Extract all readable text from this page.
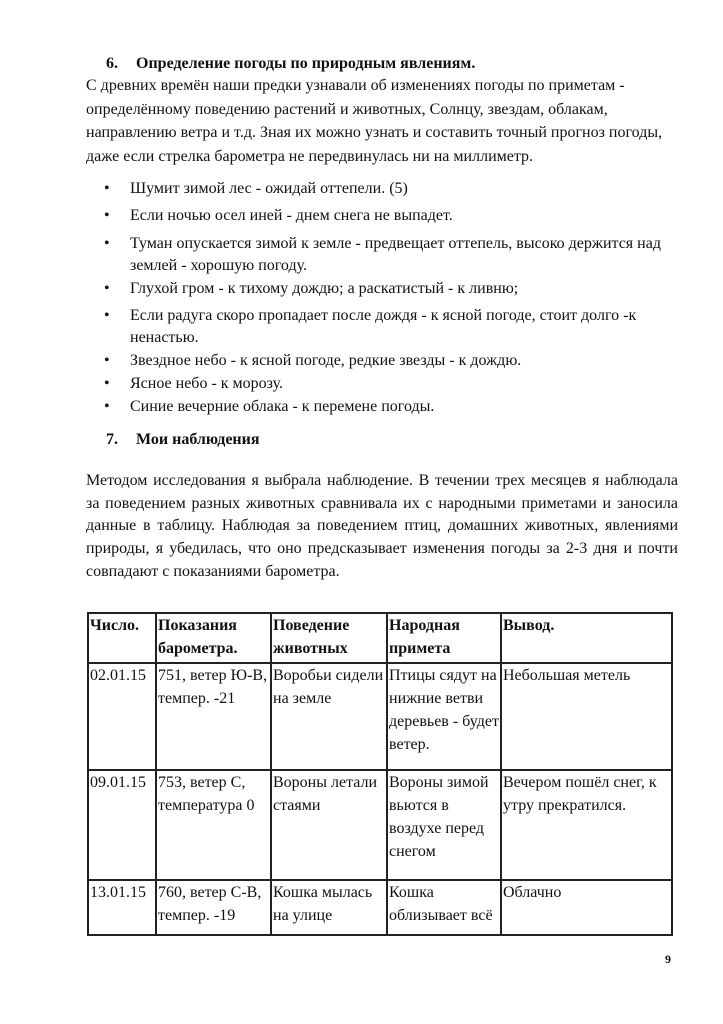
6. Определение погоды по природным явлениям.
С древних времён наши предки узнавали об изменениях погоды по приметам - определённому поведению растений и животных, Солнцу, звездам, облакам, направлению ветра и т.д. Зная их можно узнать и составить точный прогноз погоды, даже если стрелка барометра не передвинулась ни на миллиметр.
• Шумит зимой лес - ожидай оттепели. (5)
• Если ночью осел иней - днем снега не выпадет.
• Туман опускается зимой к земле - предвещает оттепель, высоко держится над землей - хорошую погоду.
• Глухой гром - к тихому дождю; а раскатистый - к ливню;
• Если радуга скоро пропадает после дождя - к ясной погоде, стоит долго -к ненастью.
• Звездное небо - к ясной погоде, редкие звезды - к дождю.
• Ясное небо - к морозу.
• Синие вечерние облака - к перемене погоды.
7. Мои наблюдения
Методом исследования я выбрала наблюдение. В течении трех месяцев я наблюдала за поведением разных животных сравнивала их с народными приметами и заносила данные в таблицу. Наблюдая за поведением птиц, домашних животных, явлениями природы, я убедилась, что оно предсказывает изменения погоды за 2-3 дня и почти совпадают с показаниями барометра.
Число.	Показания барометра.	Поведение животных	Народная примета	Вывод.
02.01.15	751, ветер Ю-В, темпер. -21	Воробьи сидели на земле	Птицы сядут на нижние ветви деревьев - будет ветер.	Небольшая метель
09.01.15	753, ветер С, температура 0	Вороны летали стаями	Вороны зимой вьются в воздухе перед снегом	Вечером пошёл снег, к утру прекратился.
13.01.15	760, ветер С-В, темпер. -19	Кошка мылась на улице	Кошка облизывает всё	Облачно
9
